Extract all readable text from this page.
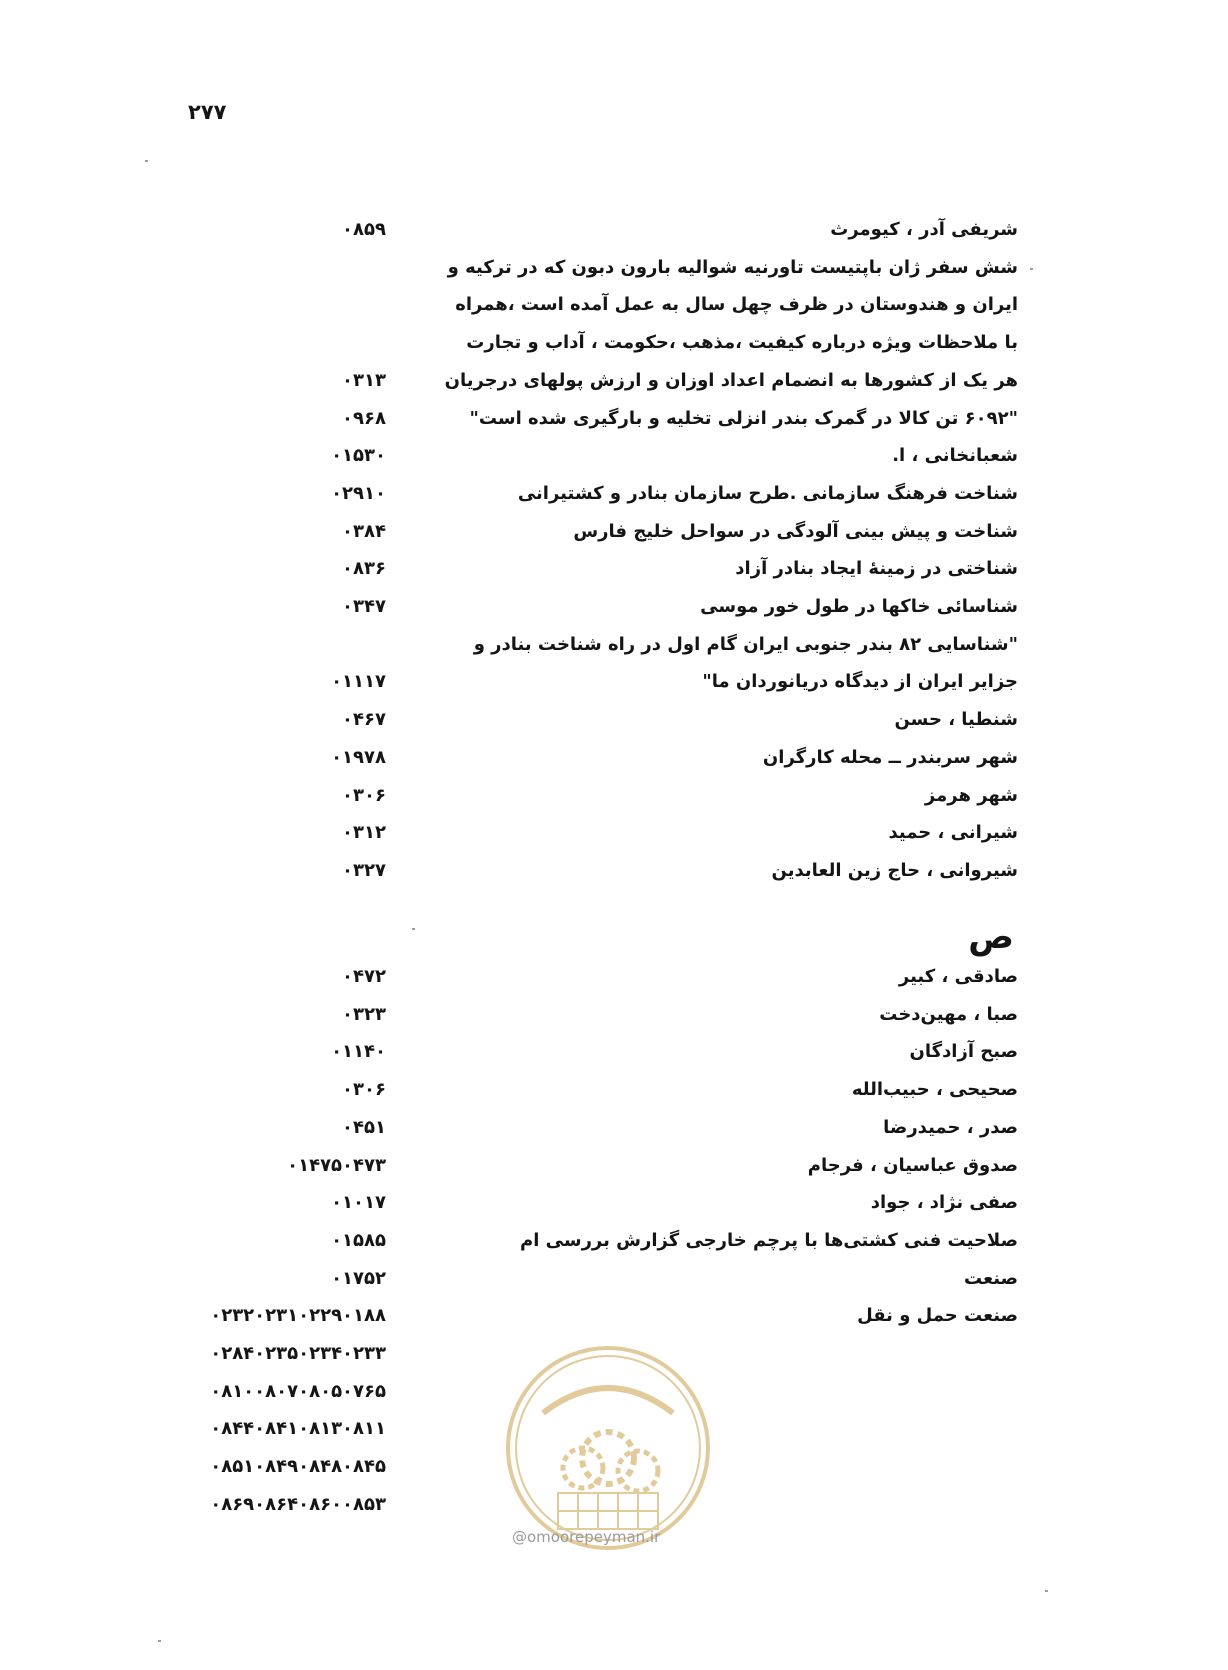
۲۷۷
شریفی آدر ، کیومرث
۰۸۵۹
شش سفر ژان باپتیست تاورنیه شوالیه بارون دبون که در ترکیه و
ایران و هندوستان در ظرف چهل سال به عمل آمده است ،همراه
با ملاحظات ویژه درباره کیفیت ،مذهب ،حکومت ، آداب و تجارت
هر یک از کشورها به انضمام اعداد اوزان و ارزش پولهای درجریان
۰۳۱۳
"۶۰۹۲ تن کالا در گمرک بندر انزلی تخلیه و بارگیری شده است"
۰۹۶۸
شعبانخانی ، ا.
۰۱۵۳۰
شناخت فرهنگ سازمانی .طرح سازمان بنادر و کشتیرانی
۰۲۹۱۰
شناخت و پیش بینی آلودگی در سواحل خلیج فارس
۰۳۸۴
شناختی در زمینهٔ ایجاد بنادر آزاد
۰۸۳۶
شناسائی خاکها در طول خور موسی
۰۳۴۷
"شناسایی ۸۲ بندر جنوبی ایران گام اول در راه شناخت بنادر و
جزایر ایران از دیدگاه دریانوردان ما"
۰۱۱۱۷
شنطیا ، حسن
۰۴۶۷
شهر سربندر ــ محله کارگران
۰۱۹۷۸
شهر هرمز
۰۳۰۶
شیرانی ، حمید
۰۳۱۲
شیروانی ، حاج زین العابدین
۰۳۲۷
صادقی ، کبیر
۰۴۷۲
صبا ، مهین‌دخت
۰۳۲۳
صبح آزادگان
۰۱۱۴۰
صحیحی ، حبیب‌الله
۰۳۰۶
صدر ، حمیدرضا
۰۴۵۱
صدوق عباسیان ، فرجام
۰۱۴۷۵۰۴۷۳
صفی نژاد ، جواد
۰۱۰۱۷
صلاحیت فنی کشتی‌ها با پرچم خارجی گزارش بررسی ام
۰۱۵۸۵
صنعت
۰۱۷۵۲
صنعت حمل و نقل
۰۲۳۲۰۲۳۱۰۲۲۹۰۱۸۸
۰۲۸۴۰۲۳۵۰۲۳۴۰۲۳۳
۰۸۱۰۰۸۰۷۰۸۰۵۰۷۶۵
۰۸۴۴۰۸۴۱۰۸۱۳۰۸۱۱
۰۸۵۱۰۸۴۹۰۸۴۸۰۸۴۵
۰۸۶۹۰۸۶۴۰۸۶۰۰۸۵۳
ص
@omoorepeyman.ir
